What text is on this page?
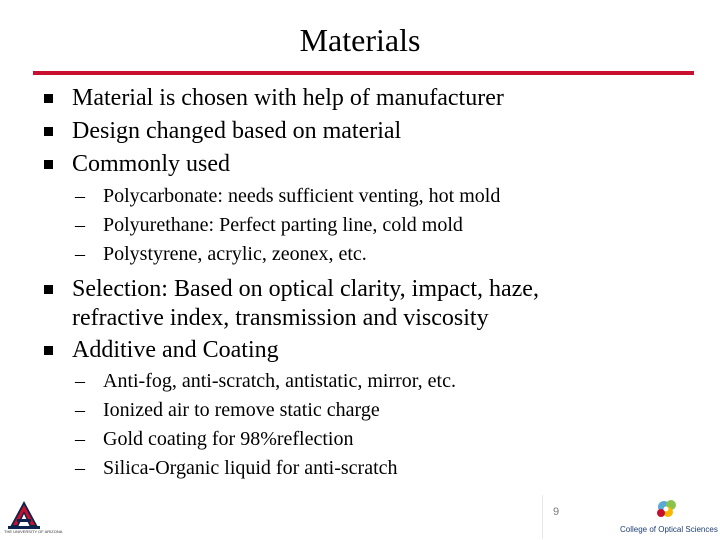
Materials
Material is chosen with help of manufacturer
Design changed based on material
Commonly used
– Polycarbonate: needs sufficient venting, hot mold
– Polyurethane: Perfect parting line, cold mold
– Polystyrene, acrylic, zeonex, etc.
Selection: Based on optical clarity, impact, haze,
refractive index, transmission and viscosity
Additive and Coating
– Anti-fog, anti-scratch, antistatic, mirror, etc.
– Ionized air to remove static charge
– Gold coating for 98%reflection
– Silica-Organic liquid for anti-scratch
9
THE UNIVERSITY OF ARIZONA	College of Optical Sciences
